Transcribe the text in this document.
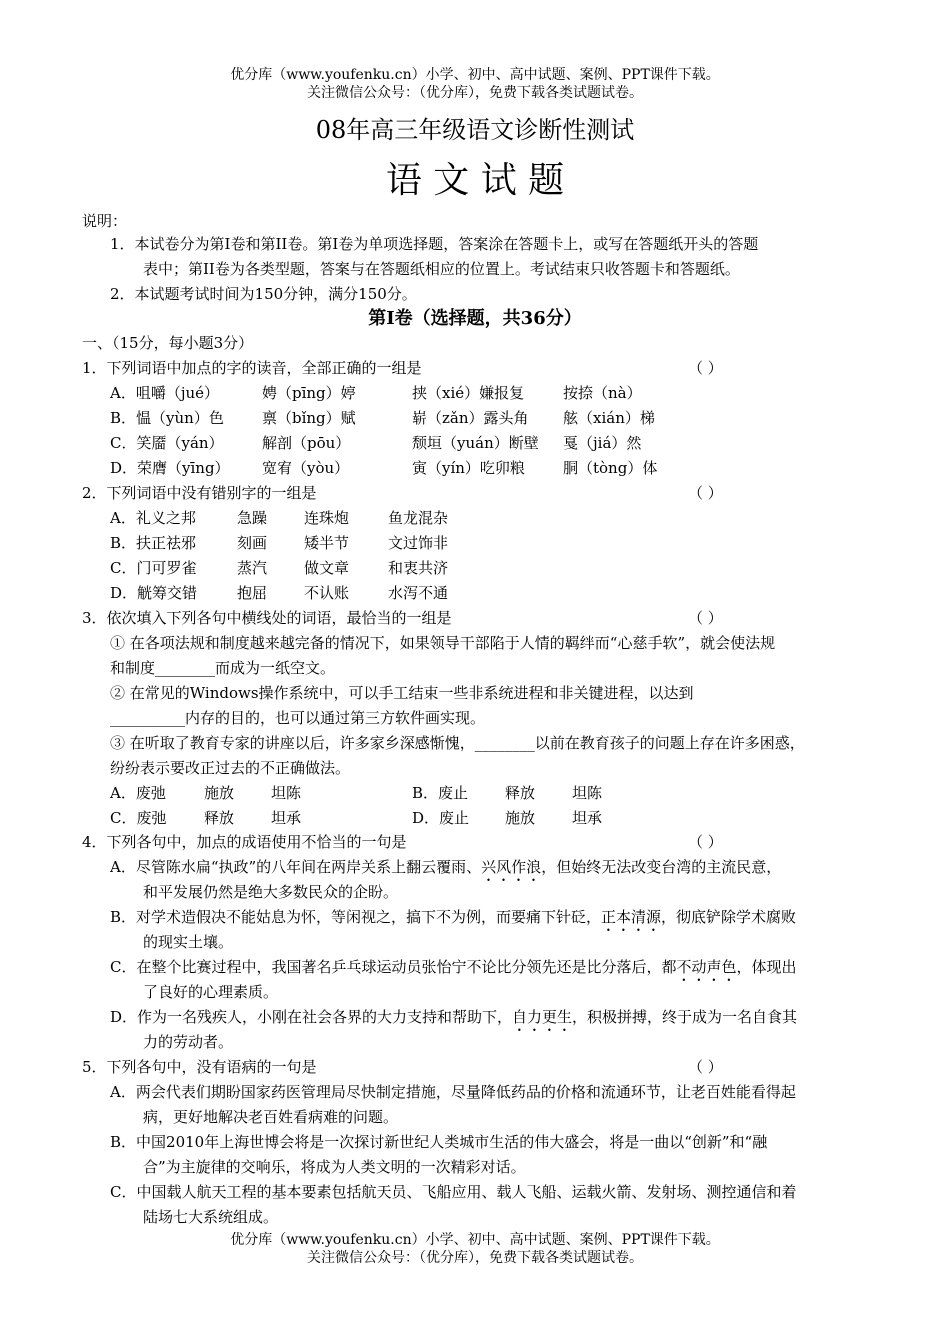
优分库（www.youfenku.cn）小学、初中、高中试题、案例、PPT课件下载。
关注微信公众号：（优分库），免费下载各类试题试卷。
08年高三年级语文诊断性测试
语 文 试 题
说明：
1．本试卷分为第Ⅰ卷和第II卷。第Ⅰ卷为单项选择题，答案涂在答题卡上，或写在答题纸开头的答题
表中；第II卷为各类型题，答案与在答题纸相应的位置上。考试结束只收答题卡和答题纸。
2．本试题考试时间为150分钟，满分150分。
第Ⅰ卷（选择题，共36分）
一、（15分，每小题3分）
1．下列词语中加点的字的读音，全部正确的一组是	（ ）
A．咀嚼（jué）	娉（pīng）婷	挟（xié）嫌报复	按捺（nà）
B．愠（yùn）色	禀（bǐng）赋	崭（zǎn）露头角 舷（xián）梯
C．笑靥（yán）	解剖（pōu）	颓垣（yuán）断壁 戛（jiá）然
D．荣膺（yīng） 宽宥（yòu）	寅（yín）吃卯粮	胴（tòng）体
2．下列词语中没有错别字的一组是	（ ）
A．礼义之邦	急躁 连珠炮	鱼龙混杂
B．扶正祛邪	刻画 矮半节	文过饰非
C．门可罗雀	蒸汽 做文章	和衷共济
D．觥筹交错	抱屈 不认账	水泻不通
3．依次填入下列各句中横线处的词语，最恰当的一组是	（ ）
① 在各项法规和制度越来越完备的情况下，如果领导干部陷于人情的羁绊而“心慈手软”，就会使法规
和制度________而成为一纸空文。
② 在常见的Windows操作系统中，可以手工结束一些非系统进程和非关键进程，以达到
__________内存的目的，也可以通过第三方软件画实现。
③ 在听取了教育专家的讲座以后，许多家乡深感惭愧，________以前在教育孩子的问题上存在许多困惑，
纷纷表示要改正过去的不正确做法。
A．废弛	施放 坦陈	B．废止 释放 坦陈
C．废弛	释放 坦承	D．废止 施放 坦承
4．下列各句中，加点的成语使用不恰当的一句是	（ ）
A．尽管陈水扁“执政”的八年间在两岸关系上翻云覆雨、兴风作浪，但始终无法改变台湾的主流民意，
和平发展仍然是绝大多数民众的企盼。
B．对学术造假决不能姑息为怀，等闲视之，搞下不为例，而要痛下针砭，正本清源，彻底铲除学术腐败
的现实土壤。
C．在整个比赛过程中，我国著名乒乓球运动员张怡宁不论比分领先还是比分落后，都不动声色，体现出
了良好的心理素质。
D．作为一名残疾人，小刚在社会各界的大力支持和帮助下，自力更生，积极拼搏，终于成为一名自食其
力的劳动者。
5．下列各句中，没有语病的一句是	（ ）
A．两会代表们期盼国家药医管理局尽快制定措施，尽量降低药品的价格和流通环节，让老百姓能看得起
病，更好地解决老百姓看病难的问题。
B．中国2010年上海世博会将是一次探讨新世纪人类城市生活的伟大盛会，将是一曲以“创新”和“融
合”为主旋律的交响乐，将成为人类文明的一次精彩对话。
C．中国载人航天工程的基本要素包括航天员、飞船应用、载人飞船、运载火箭、发射场、测控通信和着
陆场七大系统组成。
优分库（www.youfenku.cn）小学、初中、高中试题、案例、PPT课件下载。
关注微信公众号：（优分库），免费下载各类试题试卷。
